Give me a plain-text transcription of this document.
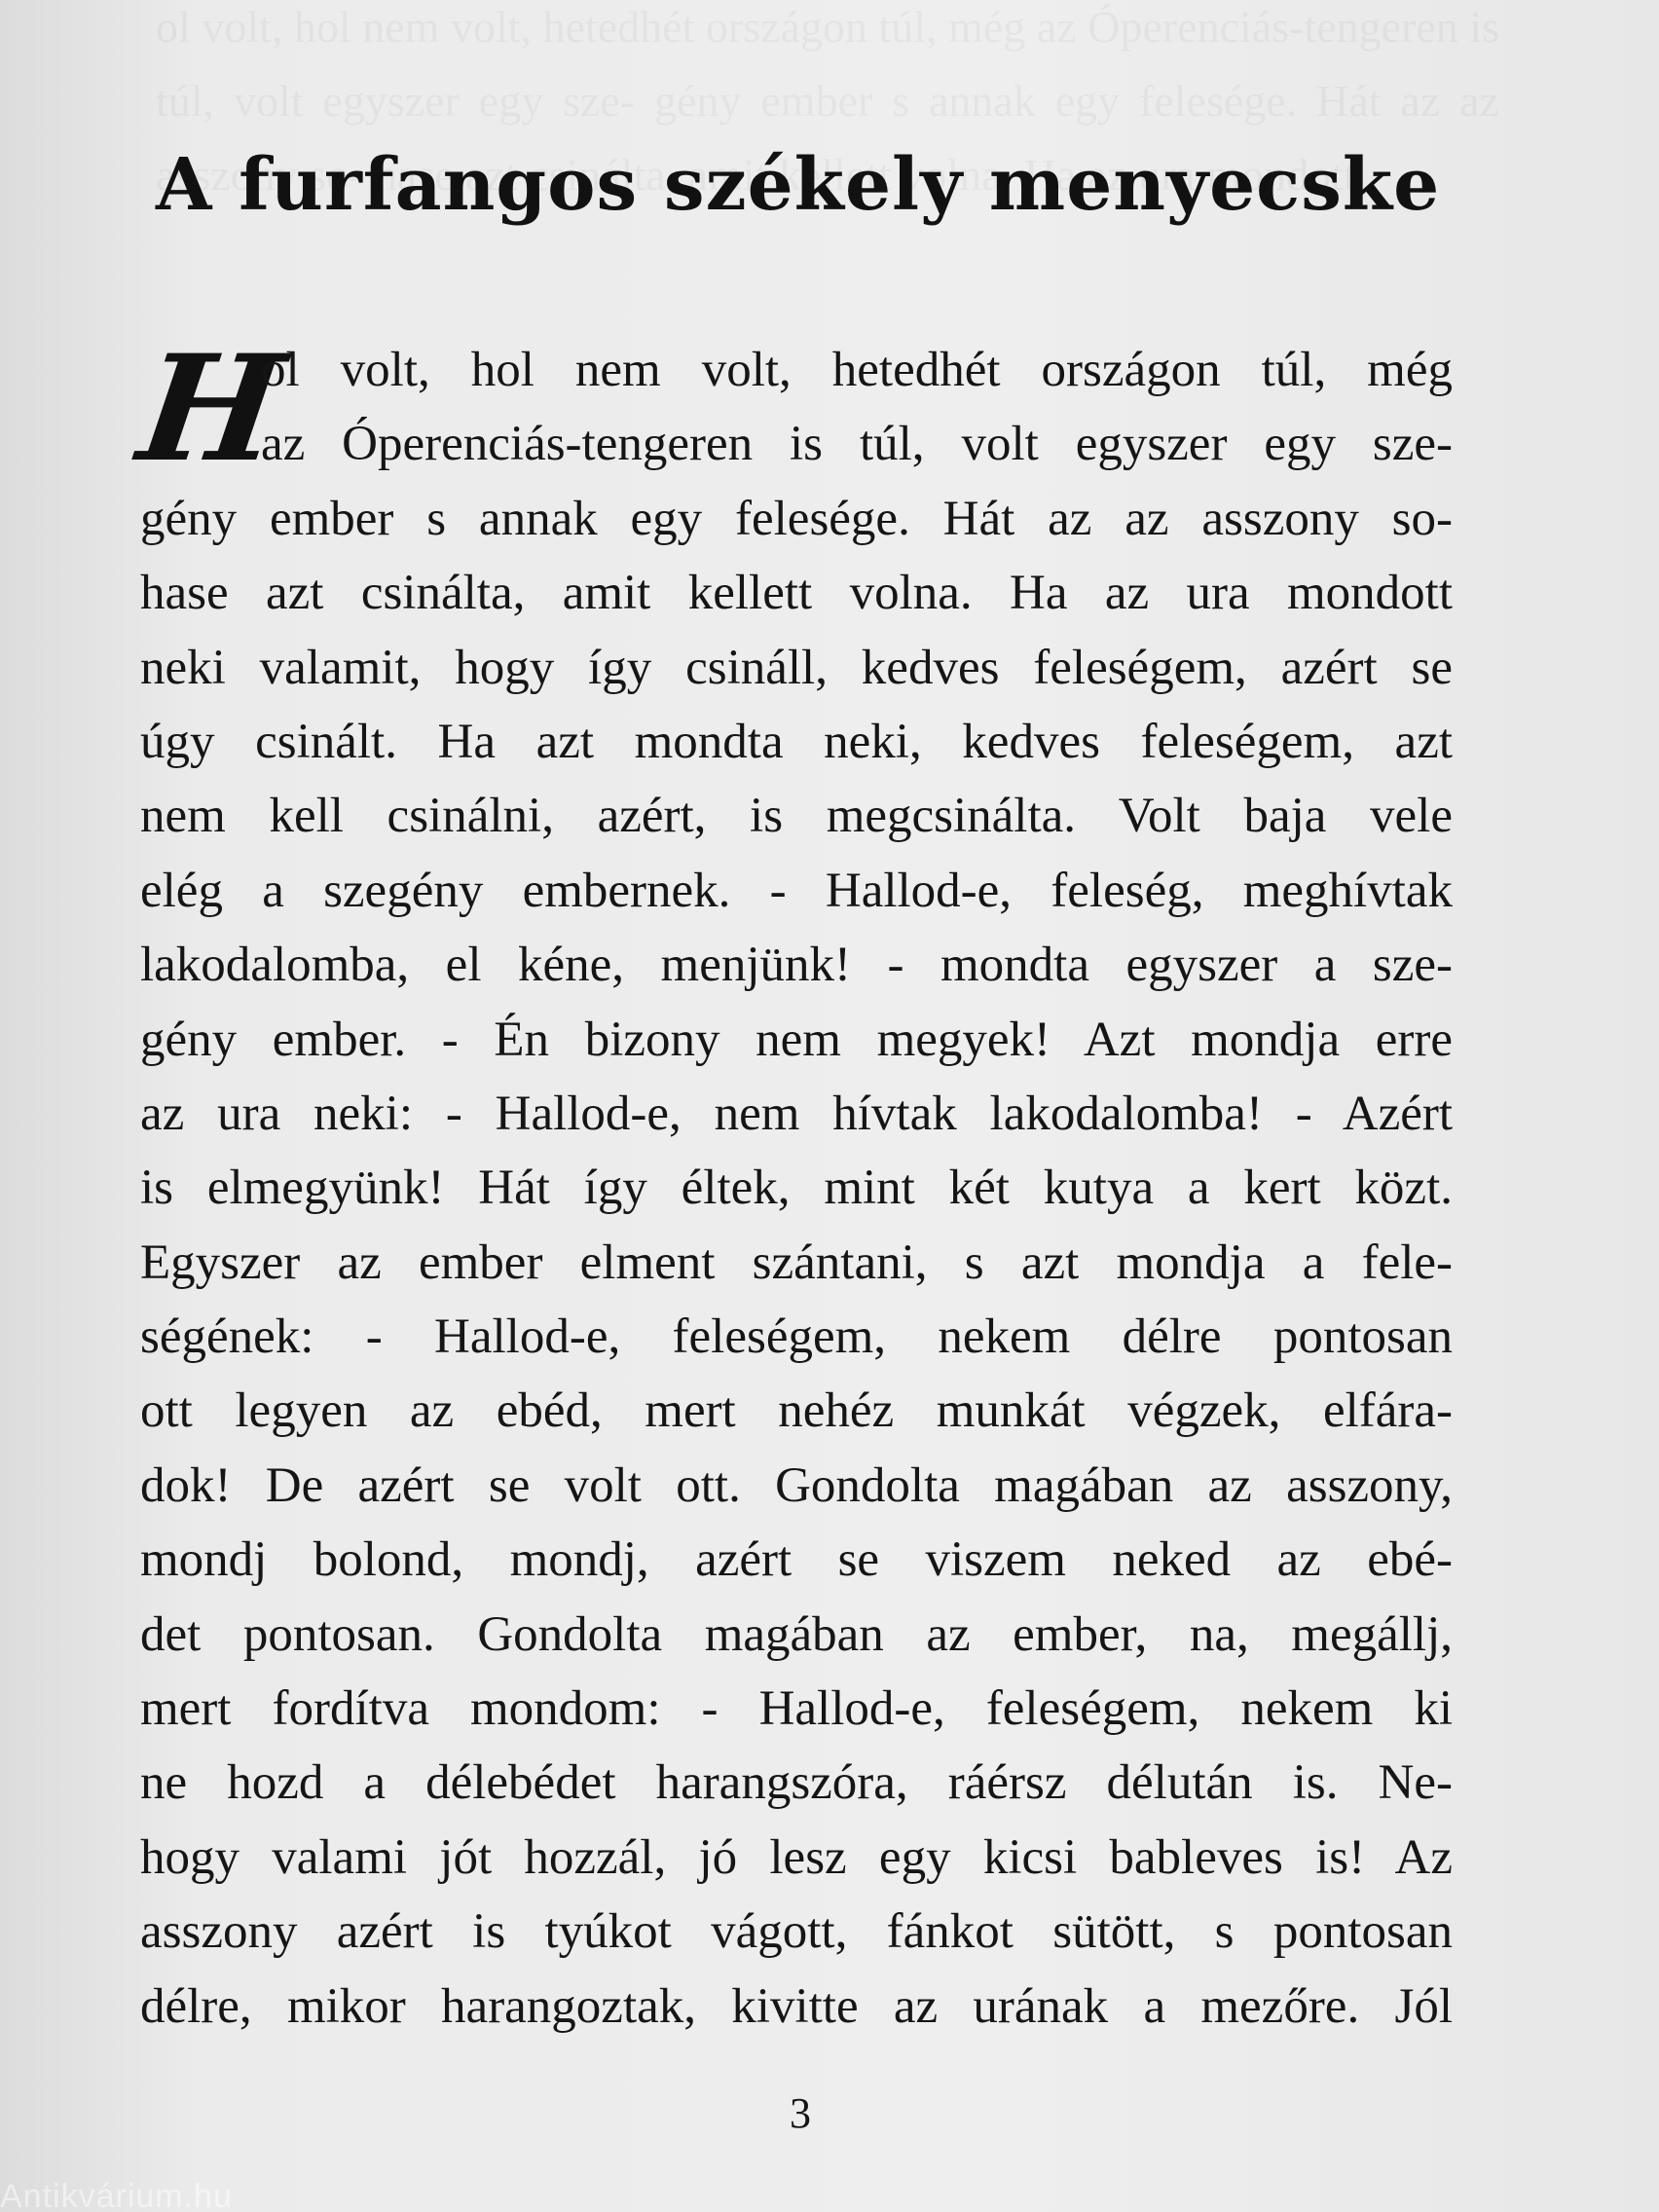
A furfangos székely menyecske
H
ol volt, hol nem volt, hetedhét országon túl, még
az Óperenciás-tengeren is túl, volt egyszer egy sze-
gény ember s annak egy felesége. Hát az az asszony so-
hase azt csinálta, amit kellett volna. Ha az ura mondott
neki valamit, hogy így csináll, kedves feleségem, azért se
úgy csinált. Ha azt mondta neki, kedves feleségem, azt
nem kell csinálni, azért, is megcsinálta. Volt baja vele
elég a szegény embernek. - Hallod-e, feleség, meghívtak
lakodalomba, el kéne, menjünk! - mondta egyszer a sze-
gény ember. - Én bizony nem megyek! Azt mondja erre
az ura neki: - Hallod-e, nem hívtak lakodalomba! - Azért
is elmegyünk! Hát így éltek, mint két kutya a kert közt.
Egyszer az ember elment szántani, s azt mondja a fele-
ségének: - Hallod-e, feleségem, nekem délre pontosan
ott legyen az ebéd, mert nehéz munkát végzek, elfára-
dok! De azért se volt ott. Gondolta magában az asszony,
mondj bolond, mondj, azért se viszem neked az ebé-
det pontosan. Gondolta magában az ember, na, megállj,
mert fordítva mondom: - Hallod-e, feleségem, nekem ki
ne hozd a délebédet harangszóra, ráérsz délután is. Ne-
hogy valami jót hozzál, jó lesz egy kicsi bableves is! Az
asszony azért is tyúkot vágott, fánkot sütött, s pontosan
délre, mikor harangoztak, kivitte az urának a mezőre. Jól
3
Antikvárium.hu
